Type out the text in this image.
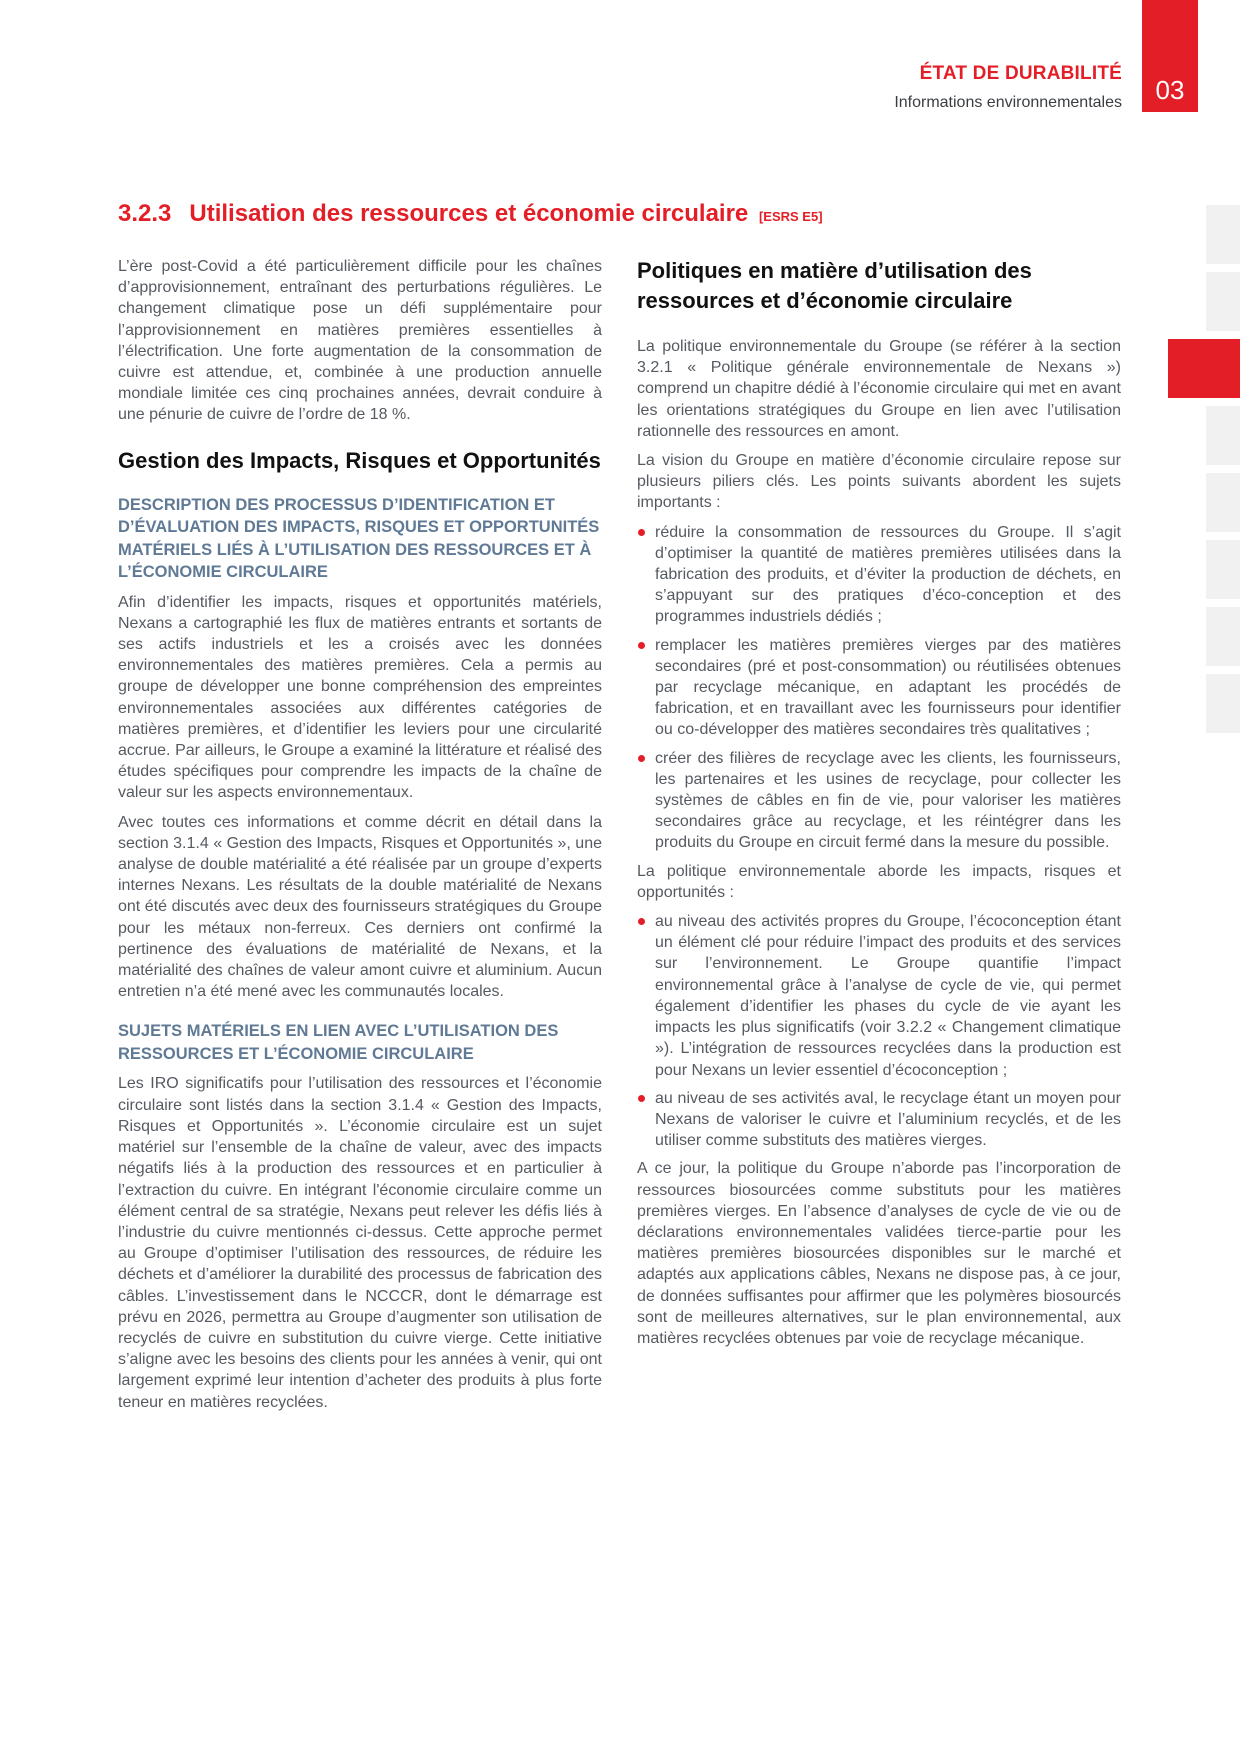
ÉTAT DE DURABILITÉ
Informations environnementales 03
3.2.3 Utilisation des ressources et économie circulaire [ESRS E5]

L’ère post-Covid a été particulièrement difficile pour les chaînes d’approvisionnement, entraînant des perturbations régulières. Le changement climatique pose un défi supplémentaire pour l’approvisionnement en matières premières essentielles à l’électrification. Une forte augmentation de la consommation de cuivre est attendue, et, combinée à une production annuelle mondiale limitée ces cinq prochaines années, devrait conduire à une pénurie de cuivre de l’ordre de 18 %.

Gestion des Impacts, Risques et Opportunités
DESCRIPTION DES PROCESSUS D’IDENTIFICATION ET D’ÉVALUATION DES IMPACTS, RISQUES ET OPPORTUNITÉS MATÉRIELS LIÉS À L’UTILISATION DES RESSOURCES ET À L’ÉCONOMIE CIRCULAIRE

Afin d’identifier les impacts, risques et opportunités matériels, Nexans a cartographié les flux de matières entrants et sortants de ses actifs industriels et les a croisés avec les données environnementales des matières premières. Cela a permis au groupe de développer une bonne compréhension des empreintes environnementales associées aux différentes catégories de matières premières, et d’identifier les leviers pour une circularité accrue. Par ailleurs, le Groupe a examiné la littérature et réalisé des études spécifiques pour comprendre les impacts de la chaîne de valeur sur les aspects environnementaux.

Avec toutes ces informations et comme décrit en détail dans la section 3.1.4 « Gestion des Impacts, Risques et Opportunités », une analyse de double matérialité a été réalisée par un groupe d’experts internes Nexans. Les résultats de la double matérialité de Nexans ont été discutés avec deux des fournisseurs stratégiques du Groupe pour les métaux non-ferreux. Ces derniers ont confirmé la pertinence des évaluations de matérialité de Nexans, et la matérialité des chaînes de valeur amont cuivre et aluminium. Aucun entretien n’a été mené avec les communautés locales.

SUJETS MATÉRIELS EN LIEN AVEC L’UTILISATION DES RESSOURCES ET L’ÉCONOMIE CIRCULAIRE

Les IRO significatifs pour l’utilisation des ressources et l’économie circulaire sont listés dans la section 3.1.4 « Gestion des Impacts, Risques et Opportunités ». L’économie circulaire est un sujet matériel sur l’ensemble de la chaîne de valeur, avec des impacts négatifs liés à la production des ressources et en particulier à l’extraction du cuivre. En intégrant l'économie circulaire comme un élément central de sa stratégie, Nexans peut relever les défis liés à l’industrie du cuivre mentionnés ci-dessus. Cette approche permet au Groupe d’optimiser l’utilisation des ressources, de réduire les déchets et d’améliorer la durabilité des processus de fabrication des câbles. L’investissement dans le NCCCR, dont le démarrage est prévu en 2026, permettra au Groupe d’augmenter son utilisation de recyclés de cuivre en substitution du cuivre vierge. Cette initiative s’aligne avec les besoins des clients pour les années à venir, qui ont largement exprimé leur intention d’acheter des produits à plus forte teneur en matières recyclées.

Politiques en matière d’utilisation des ressources et d’économie circulaire

La politique environnementale du Groupe (se référer à la section 3.2.1 « Politique générale environnementale de Nexans ») comprend un chapitre dédié à l’économie circulaire qui met en avant les orientations stratégiques du Groupe en lien avec l’utilisation rationnelle des ressources en amont.

La vision du Groupe en matière d’économie circulaire repose sur plusieurs piliers clés. Les points suivants abordent les sujets importants :

réduire la consommation de ressources du Groupe. Il s’agit d’optimiser la quantité de matières premières utilisées dans la fabrication des produits, et d’éviter la production de déchets, en s’appuyant sur des pratiques d’éco-conception et des programmes industriels dédiés ;
remplacer les matières premières vierges par des matières secondaires (pré et post-consommation) ou réutilisées obtenues par recyclage mécanique, en adaptant les procédés de fabrication, et en travaillant avec les fournisseurs pour identifier ou co-développer des matières secondaires très qualitatives ;
créer des filières de recyclage avec les clients, les fournisseurs, les partenaires et les usines de recyclage, pour collecter les systèmes de câbles en fin de vie, pour valoriser les matières secondaires grâce au recyclage, et les réintégrer dans les produits du Groupe en circuit fermé dans la mesure du possible.

La politique environnementale aborde les impacts, risques et opportunités :

au niveau des activités propres du Groupe, l’écoconception étant un élément clé pour réduire l’impact des produits et des services sur l’environnement. Le Groupe quantifie l’impact environnemental grâce à l’analyse de cycle de vie, qui permet également d’identifier les phases du cycle de vie ayant les impacts les plus significatifs (voir 3.2.2 « Changement climatique »). L’intégration de ressources recyclées dans la production est pour Nexans un levier essentiel d’écoconception ;
au niveau de ses activités aval, le recyclage étant un moyen pour Nexans de valoriser le cuivre et l’aluminium recyclés, et de les utiliser comme substituts des matières vierges.

A ce jour, la politique du Groupe n’aborde pas l’incorporation de ressources biosourcées comme substituts pour les matières premières vierges. En l’absence d’analyses de cycle de vie ou de déclarations environnementales validées tierce-partie pour les matières premières biosourcées disponibles sur le marché et adaptés aux applications câbles, Nexans ne dispose pas, à ce jour, de données suffisantes pour affirmer que les polymères biosourcés sont de meilleures alternatives, sur le plan environnemental, aux matières recyclées obtenues par voie de recyclage mécanique.
